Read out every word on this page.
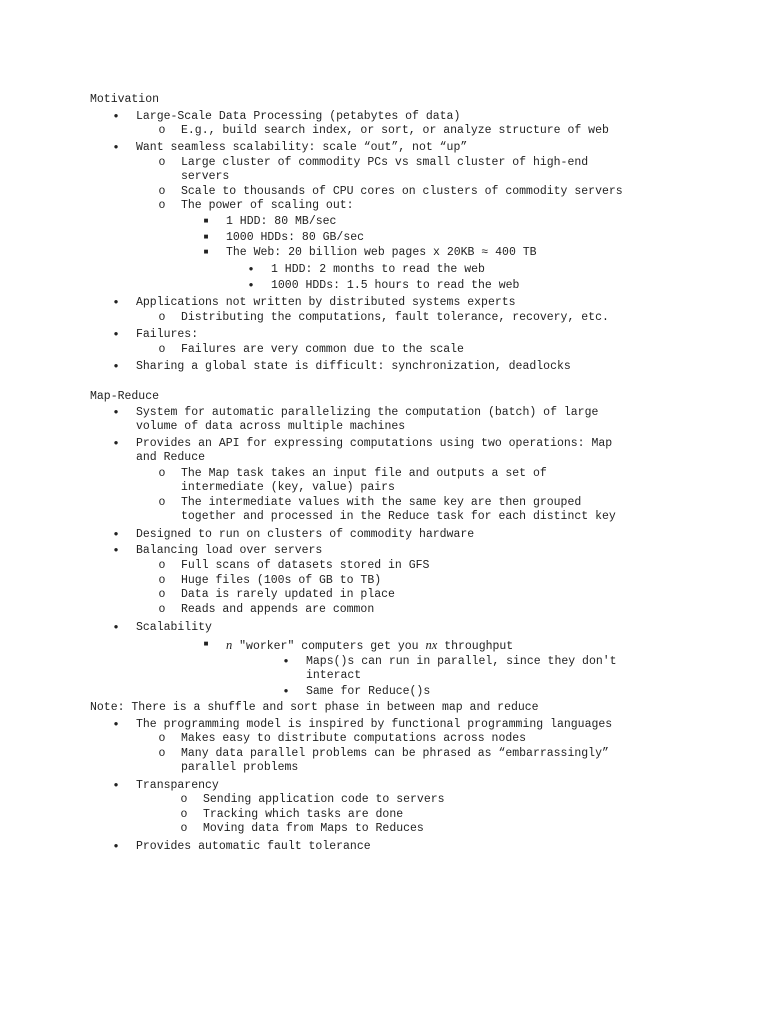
Motivation
●	Large-Scale Data Processing (petabytes of data)
o E.g., build search index, or sort, or analyze structure of web
●	Want seamless scalability: scale “out”, not “up”
o Large cluster of commodity PCs vs small cluster of high-end
servers
o Scale to thousands of CPU cores on clusters of commodity servers
o The power of scaling out:
■	1 HDD: 80 MB/sec
■	1000 HDDs: 80 GB/sec
■	The Web: 20 billion web pages x 20KB ≈ 400 TB
●	1 HDD: 2 months to read the web
●	1000 HDDs: 1.5 hours to read the web
●	Applications not written by distributed systems experts
o Distributing the computations, fault tolerance, recovery, etc.
●	Failures:
o Failures are very common due to the scale
●	Sharing a global state is difficult: synchronization, deadlocks
Map-Reduce
●	System for automatic parallelizing the computation (batch) of large
volume of data across multiple machines
●	Provides an API for expressing computations using two operations: Map
and Reduce
o The Map task takes an input file and outputs a set of
intermediate (key, value) pairs
o The intermediate values with the same key are then grouped
together and processed in the Reduce task for each distinct key
●	Designed to run on clusters of commodity hardware
●	Balancing load over servers
o Full scans of datasets stored in GFS
o Huge files (100s of GB to TB)
o Data is rarely updated in place
o Reads and appends are common
●	Scalability
■ n "worker" computers get you nx throughput
●	Maps()s can run in parallel, since they don't
interact
●	Same for Reduce()s
Note: There is a shuffle and sort phase in between map and reduce
●	The programming model is inspired by functional programming languages
o Makes easy to distribute computations across nodes
o Many data parallel problems can be phrased as “embarrassingly”
parallel problems
●	Transparency
o Sending application code to servers
o Tracking which tasks are done
o Moving data from Maps to Reduces
●	Provides automatic fault tolerance
